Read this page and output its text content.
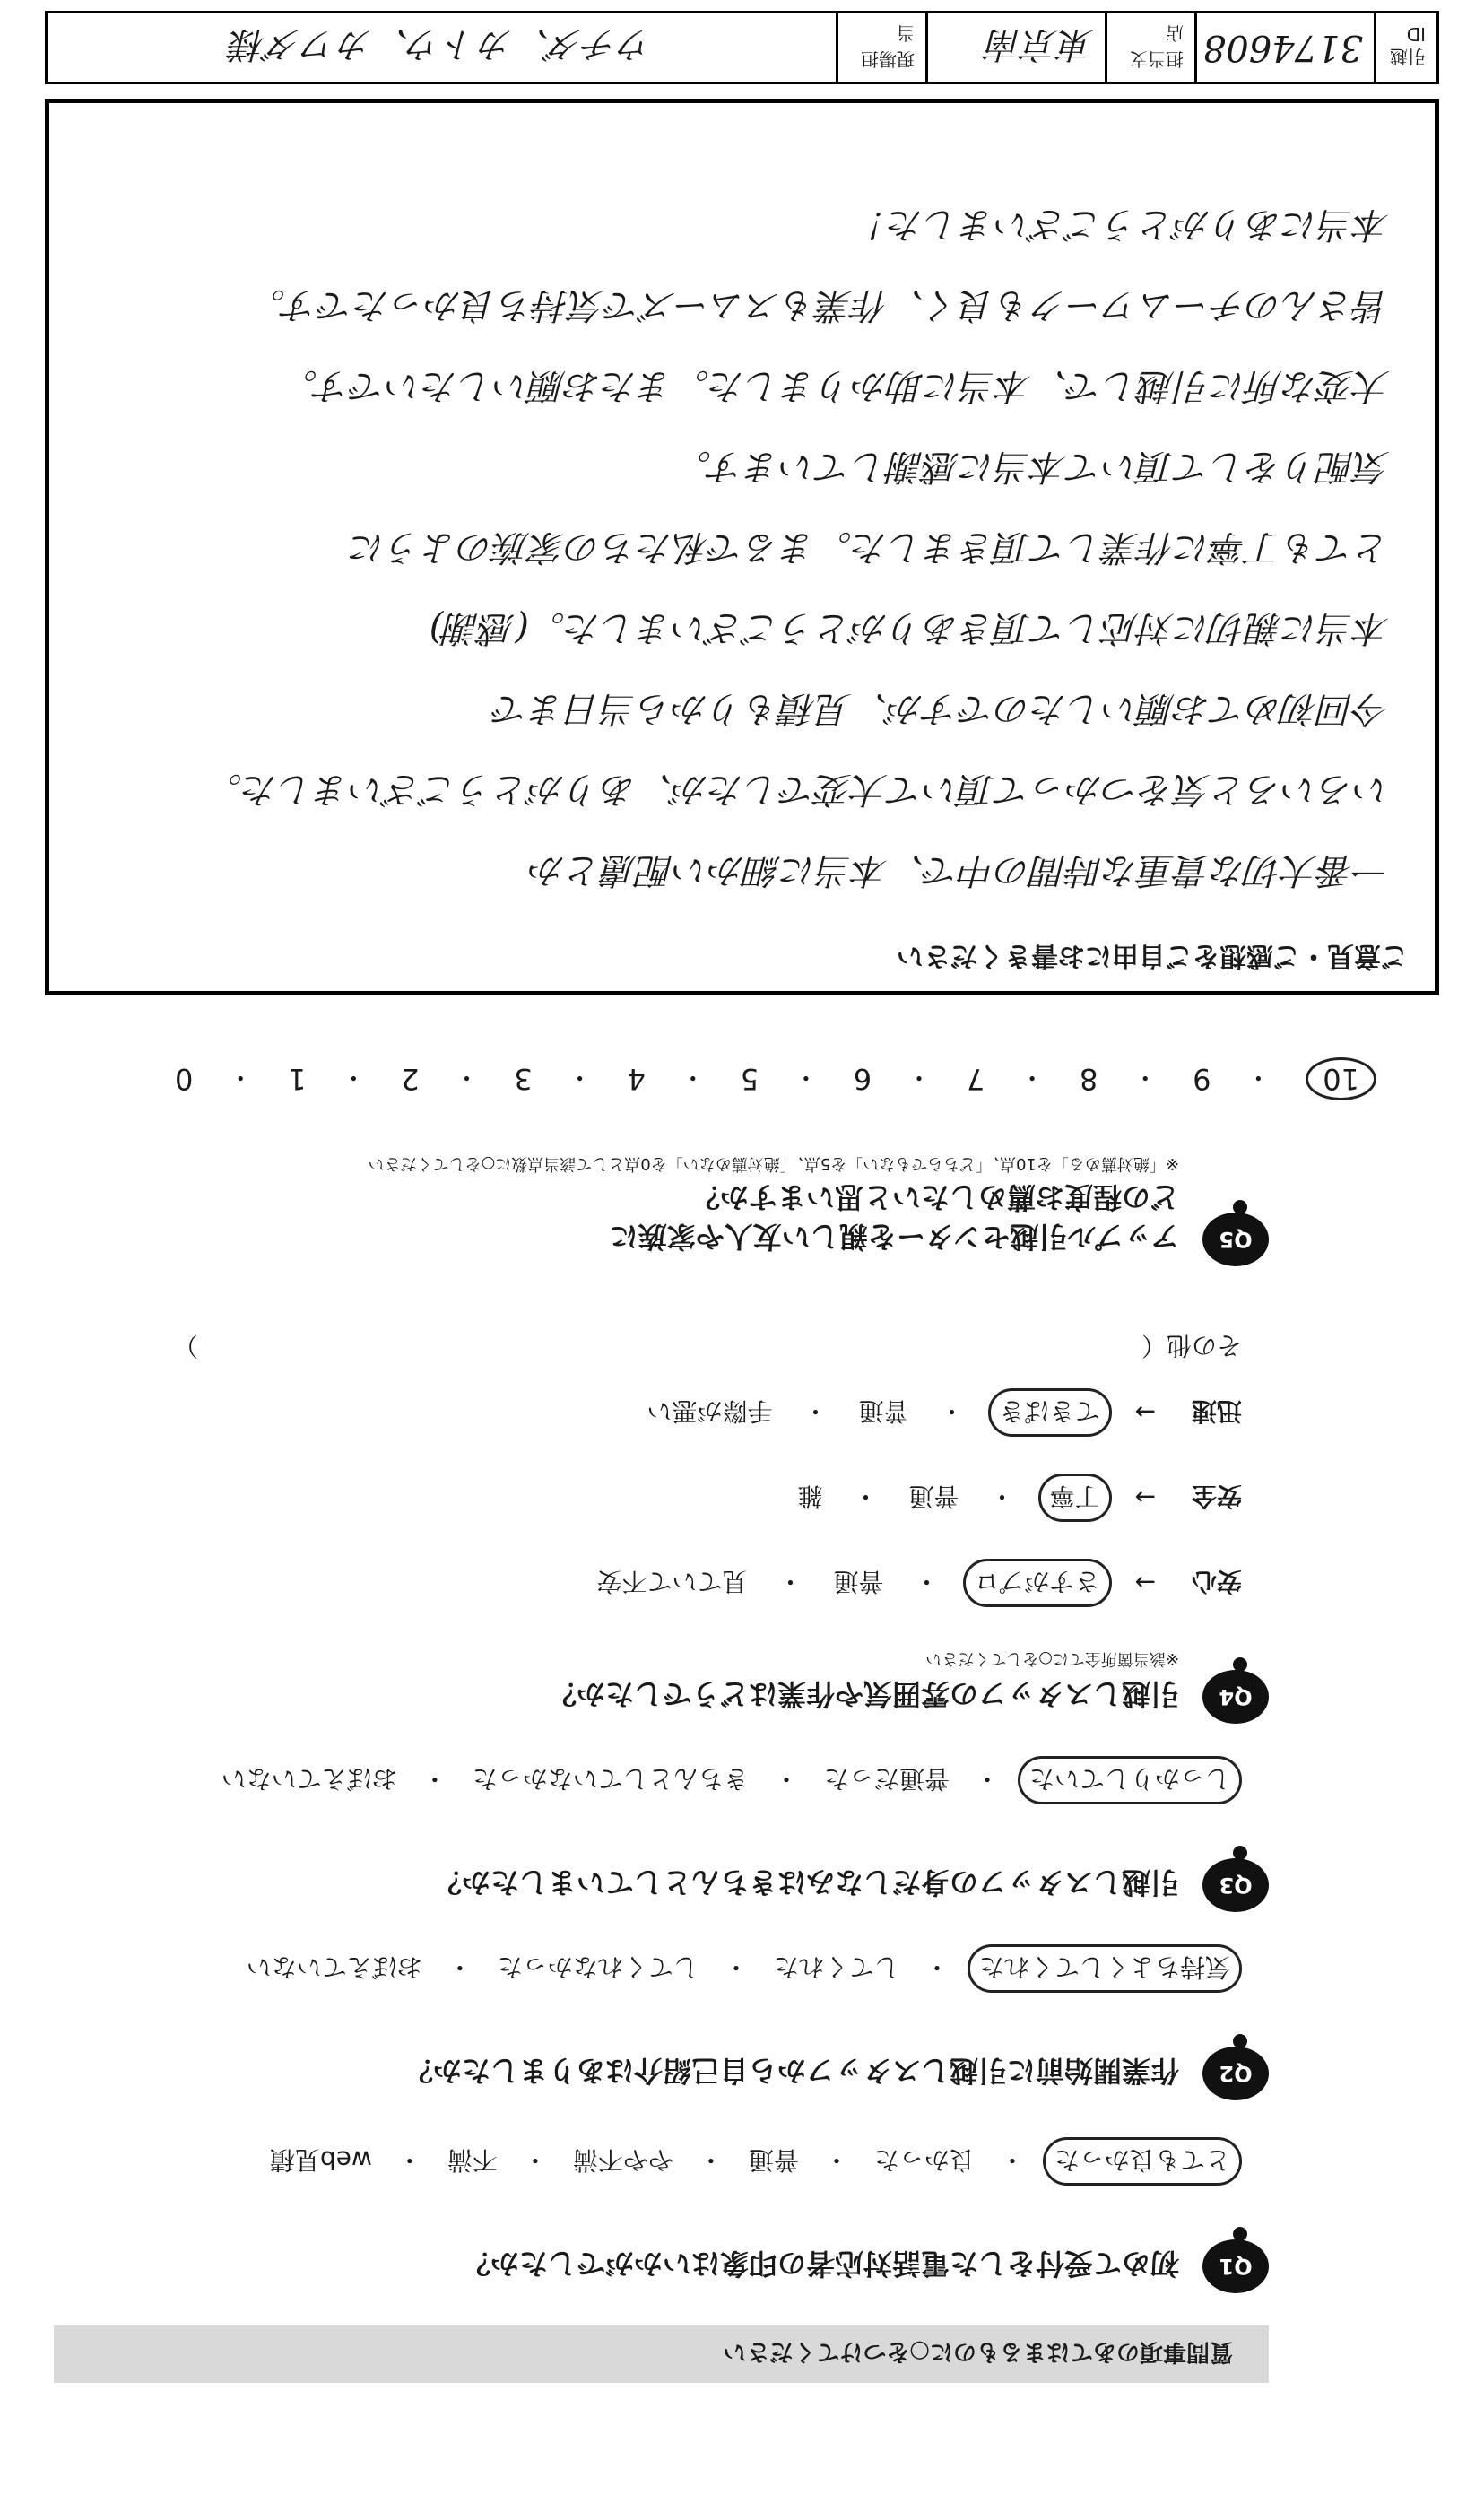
質問事項のあてはまるものに○をつけてください
Q1
初めて受付をした電話対応者の印象はいかがでしたか？
とても良かった
・
良かった
・
普通
・
やや不満
・
不満
・
web見積
Q2
作業開始前に引越しスタッフから自己紹介はありましたか？
気持ちよくしてくれた
・
してくれた
・
してくれなかった
・
おぼえていない
Q3
引越しスタッフの身だしなみはきちんとしていましたか？
しっかりしていた
・
普通だった
・
きちんとしていなかった
・
おぼえていない
Q4
引越しスタッフの雰囲気や作業はどうでしたか？
※該当箇所全てに○をしてください
安心
→
さすがプロ
・
普通
・
見ていて不安
安全
→
丁寧
・
普通
・
雑
迅速
→
てきぱき
・
普通
・
手際が悪い
その他（
）
Q5
アップル引越センターを親しい友人や家族に
どの程度お薦めしたいと思いますか？
※「絶対薦める」を10点、「どちらでもない」を5点、「絶対薦めない」を0点として該当点数に○をしてください
10
・
9
・
8
・
7
・
6
・
5
・
4
・
3
・
2
・
1
・
0
ご意見・ご感想をご自由にお書きください
一番大切な貴重な時間の中で、本当に細かい配慮とか
いろいろと気をつかって頂いて大変でしたが、ありがとうございました。
今回初めてお願いしたのですが、見積もりから当日まで
本当に親切に対応して頂きありがとうございました。(感謝)
とても丁寧に作業して頂きました。まるで私たちの家族のように
気配りをして頂いて本当に感謝しています。
大変な所に引越しで、本当に助かりました。またお願いしたいです。
皆さんのチームワークも良く、作業もスムーズで気持ち良かったです。
本当にありがとうございました！
引越ID
3174608
担当支店
東京南
現場担当
ウチダ、カトウ、カワダ様
